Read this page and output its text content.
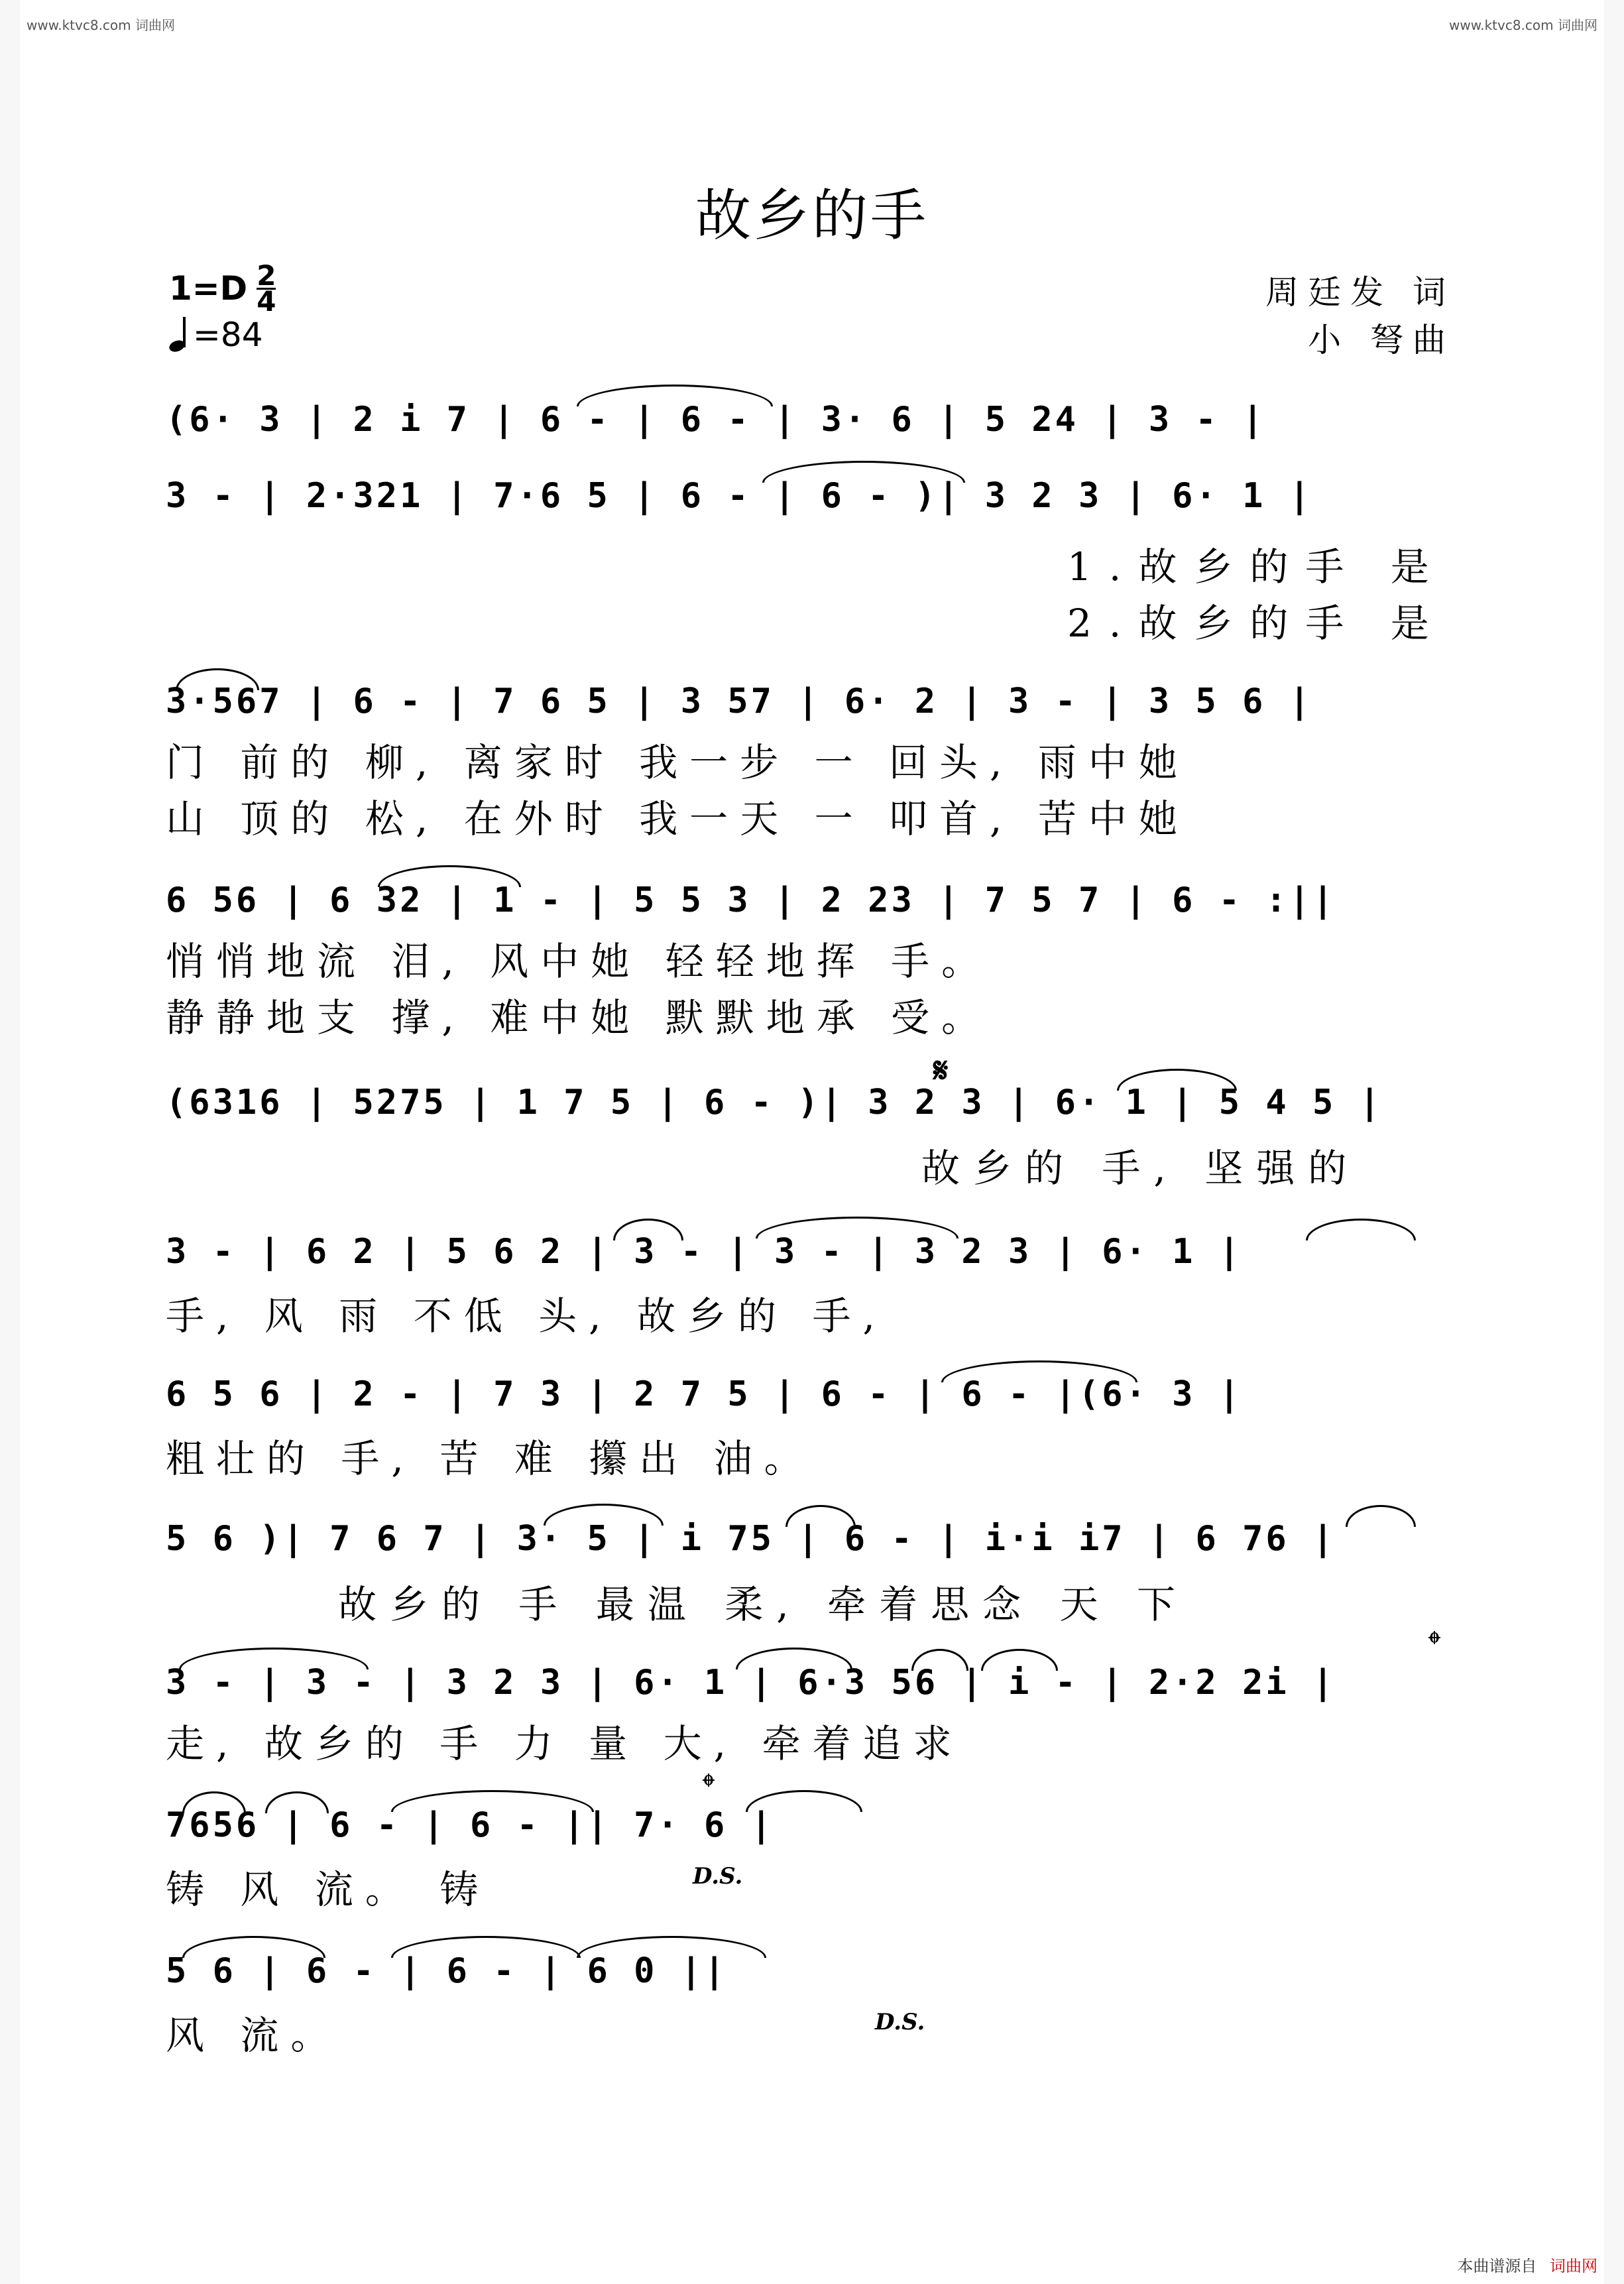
www.ktvc8.com 词曲网	www.ktvc8.com 词曲网
故乡的手
1=D 2
4
=84
周廷发 词
小 弩曲
(6· 3 | 2 i 7 | 6 - | 6 - | 3· 6 | 5 24 | 3 - |
3 - | 2·321 | 7·6 5 | 6 - | 6 - )| 3 2 3 | 6· 1 |
1.故乡的手 是
2.故乡的手 是
3·567 | 6 - | 7 6 5 | 3 57 | 6· 2 | 3 - | 3 5 6 |
门 前的 柳, 离家时 我一步 一 回头, 雨中她
山 顶的 松, 在外时 我一天 一 叩首, 苦中她
6 56 | 6 32 | 1 - | 5 5 3 | 2 23 | 7 5 7 | 6 - :||
悄悄地流 泪, 风中她 轻轻地挥 手。
静静地支 撑, 难中她 默默地承 受。
𝄋
(6316 | 5275 | 1 7 5 | 6 - )| 3 2 3 | 6· 1 | 5 4 5 |
故乡的 手, 坚强的
3 - | 6 2 | 5 6 2 | 3 - | 3 - | 3 2 3 | 6· 1 |
手, 风 雨 不低 头, 故乡的 手,
6 5 6 | 2 - | 7 3 | 2 7 5 | 6 - | 6 - |(6· 3 |
粗壮的 手, 苦 难 攥出 油。
5 6 )| 7 6 7 | 3· 5 | i 75 | 6 - | i·i i7 | 6 76 |
故乡的 手 最温 柔, 牵着思念 天 下
3 - | 3 - | 3 2 3 | 6· 1 | 6·3 56 | i - | 2·2 2i |
𝄌
走, 故乡的 手 力 量 大, 牵着追求
7656 | 6 - | 6 - || 7· 6 |
𝄌
D.S.
铸 风 流。 铸
5 6 | 6 - | 6 - | 6 0 ||
D.S.
风 流。
本曲谱源自 词曲网
